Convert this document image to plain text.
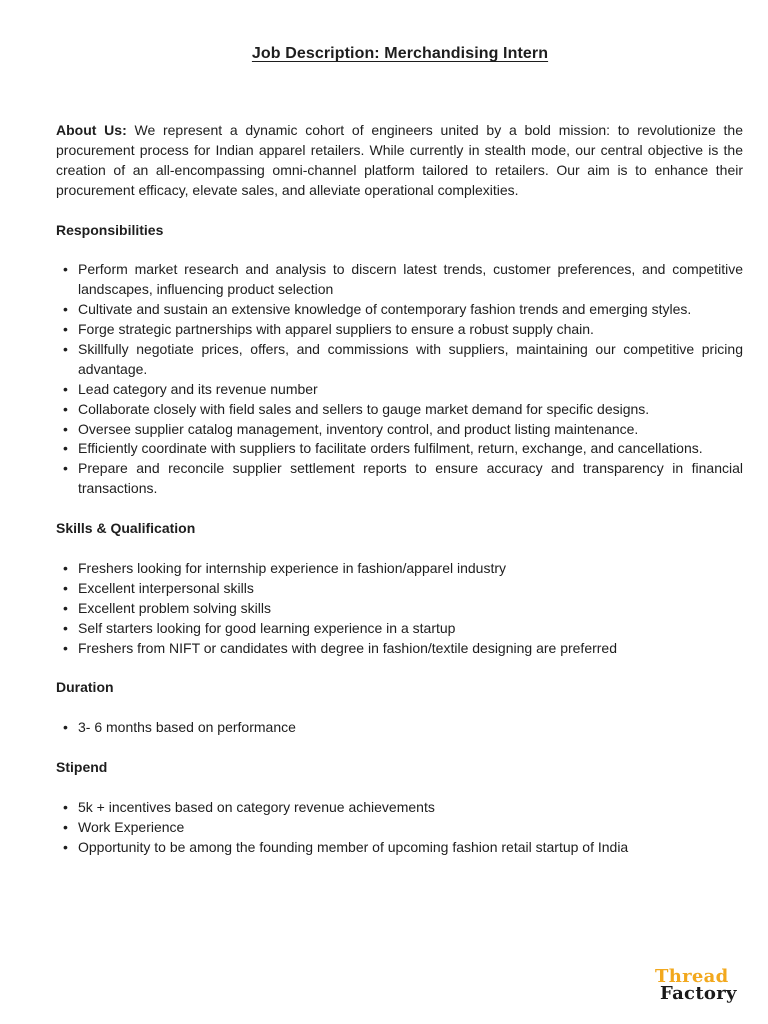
Job Description: Merchandising Intern

About Us: We represent a dynamic cohort of engineers united by a bold mission: to revolutionize the procurement process for Indian apparel retailers. While currently in stealth mode, our central objective is the creation of an all-encompassing omni-channel platform tailored to retailers. Our aim is to enhance their procurement efficacy, elevate sales, and alleviate operational complexities.

Responsibilities
• Perform market research and analysis to discern latest trends, customer preferences, and competitive landscapes, influencing product selection
• Cultivate and sustain an extensive knowledge of contemporary fashion trends and emerging styles.
• Forge strategic partnerships with apparel suppliers to ensure a robust supply chain.
• Skillfully negotiate prices, offers, and commissions with suppliers, maintaining our competitive pricing advantage.
• Lead category and its revenue number
• Collaborate closely with field sales and sellers to gauge market demand for specific designs.
• Oversee supplier catalog management, inventory control, and product listing maintenance.
• Efficiently coordinate with suppliers to facilitate orders fulfilment, return, exchange, and cancellations.
• Prepare and reconcile supplier settlement reports to ensure accuracy and transparency in financial transactions.
Skills & Qualification
• Freshers looking for internship experience in fashion/apparel industry
• Excellent interpersonal skills
• Excellent problem solving skills
• Self starters looking for good learning experience in a startup
• Freshers from NIFT or candidates with degree in fashion/textile designing are preferred
Duration
• 3- 6 months based on performance
Stipend
• 5k + incentives based on category revenue achievements
• Work Experience
• Opportunity to be among the founding member of upcoming fashion retail startup of India
Thread
Factory
